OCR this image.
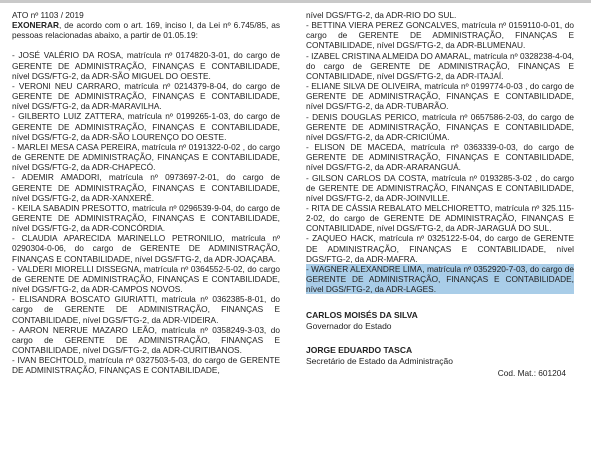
ATO nº 1103 / 2019

EXONERAR, de acordo com o art. 169, inciso I, da Lei nº 6.745/85, as pessoas relacionadas abaixo, a partir de 01.05.19:

- JOSÉ VALÉRIO DA ROSA, matrícula nº 0174820-3-01, do cargo de GERENTE DE ADMINISTRAÇÃO, FINANÇAS E CONTABILIDADE, nível DGS/FTG-2, da ADR-SÃO MIGUEL DO OESTE.

- VERONI NEU CARRARO, matrícula nº 0214379-8-04, do cargo de GERENTE DE ADMINISTRAÇÃO, FINANÇAS E CONTABILIDADE, nível DGS/FTG-2, da ADR-MARAVILHA.

- GILBERTO LUIZ ZATTERA, matrícula nº 0199265-1-03, do cargo de GERENTE DE ADMINISTRAÇÃO, FINANÇAS E CONTABILIDADE, nível DGS/FTG-2, da ADR-SÃO LOURENÇO DO OESTE.

- MARLEI MESA CASA PEREIRA, matrícula nº 0191322-0-02 , do cargo de GERENTE DE ADMINISTRAÇÃO, FINANÇAS E CONTABILIDADE, nível DGS/FTG-2, da ADR-CHAPECÓ.

- ADEMIR AMADORI, matrícula nº 0973697-2-01, do cargo de GERENTE DE ADMINISTRAÇÃO, FINANÇAS E CONTABILIDADE, nível DGS/FTG-2, da ADR-XANXERÊ.

- KEILA SABADIN PRESOTTO, matrícula nº 0296539-9-04, do cargo de GERENTE DE ADMINISTRAÇÃO, FINANÇAS E CONTABILIDADE, nível DGS/FTG-2, da ADR-CONCÓRDIA.

- CLAUDIA APARECIDA MARINELLO PETRONILIO, matrícula nº 0290304-0-06, do cargo de GERENTE DE ADMINISTRAÇÃO, FINANÇAS E CONTABILIDADE, nível DGS/FTG-2, da ADR-JOAÇABA.

- VALDERI MIORELLI DISSEGNA, matrícula nº 0364552-5-02, do cargo de GERENTE DE ADMINISTRAÇÃO, FINANÇAS E CONTABILIDADE, nível DGS/FTG-2, da ADR-CAMPOS NOVOS.

- ELISANDRA BOSCATO GIURIATTI, matrícula nº 0362385-8-01, do cargo de GERENTE DE ADMINISTRAÇÃO, FINANÇAS E CONTABILIDADE, nível DGS/FTG-2, da ADR-VIDEIRA.

- AARON NERRUE MAZARO LEÃO, matrícula nº 0358249-3-03, do cargo de GERENTE DE ADMINISTRAÇÃO, FINANÇAS E CONTABILIDADE, nível DGS/FTG-2, da ADR-CURITIBANOS.

- IVAN BECHTOLD, matrícula nº 0327503-5-03, do cargo de GERENTE DE ADMINISTRAÇÃO, FINANÇAS E CONTABILIDADE,

nível DGS/FTG-2, da ADR-RIO DO SUL.

- BETTINA VIERA PEREZ GONCALVES, matrícula nº 0159110-0-01, do cargo de GERENTE DE ADMINISTRAÇÃO, FINANÇAS E CONTABILIDADE, nível DGS/FTG-2, da ADR-BLUMENAU.

- IZABEL CRISTINA ALMEIDA DO AMARAL, matrícula nº 0328238-4-04, do cargo de GERENTE DE ADMINISTRAÇÃO, FINANÇAS E CONTABILIDADE, nível DGS/FTG-2, da ADR-ITAJAÍ.

- ELIANE SILVA DE OLIVEIRA, matrícula nº 0199774-0-03 , do cargo de GERENTE DE ADMINISTRAÇÃO, FINANÇAS E CONTABILIDADE, nível DGS/FTG-2, da ADR-TUBARÃO.

- DENIS DOUGLAS PERICO, matrícula nº 0657586-2-03, do cargo de GERENTE DE ADMINISTRAÇÃO, FINANÇAS E CONTABILIDADE, nível DGS/FTG-2, da ADR-CRICIÚMA.

- ELISON DE MACEDA, matrícula nº 0363339-0-03, do cargo de GERENTE DE ADMINISTRAÇÃO, FINANÇAS E CONTABILIDADE, nível DGS/FTG-2, da ADR-ARARANGUÁ.

- GILSON CARLOS DA COSTA, matrícula nº 0193285-3-02 , do cargo de GERENTE DE ADMINISTRAÇÃO, FINANÇAS E CONTABILIDADE, nível DGS/FTG-2, da ADR-JOINVILLE.

- RITA DE CÁSSIA REBALATO MELCHIORETTO, matrícula nº 325.115-2-02, do cargo de GERENTE DE ADMINISTRAÇÃO, FINANÇAS E CONTABILIDADE, nível DGS/FTG-2, da ADR-JARAGUÁ DO SUL.

- ZAQUEO HACK, matrícula nº 0325122-5-04, do cargo de GERENTE DE ADMINISTRAÇÃO, FINANÇAS E CONTABILIDADE, nível DGS/FTG-2, da ADR-MAFRA.

- WAGNER ALEXANDRE LIMA, matrícula nº 0352920-7-03, do cargo de GERENTE DE ADMINISTRAÇÃO, FINANÇAS E CONTABILIDADE, nível DGS/FTG-2, da ADR-LAGES.

CARLOS MOISÉS DA SILVA
Governador do Estado
JORGE EDUARDO TASCA
Secretário de Estado da Administração
Cod. Mat.: 601204
